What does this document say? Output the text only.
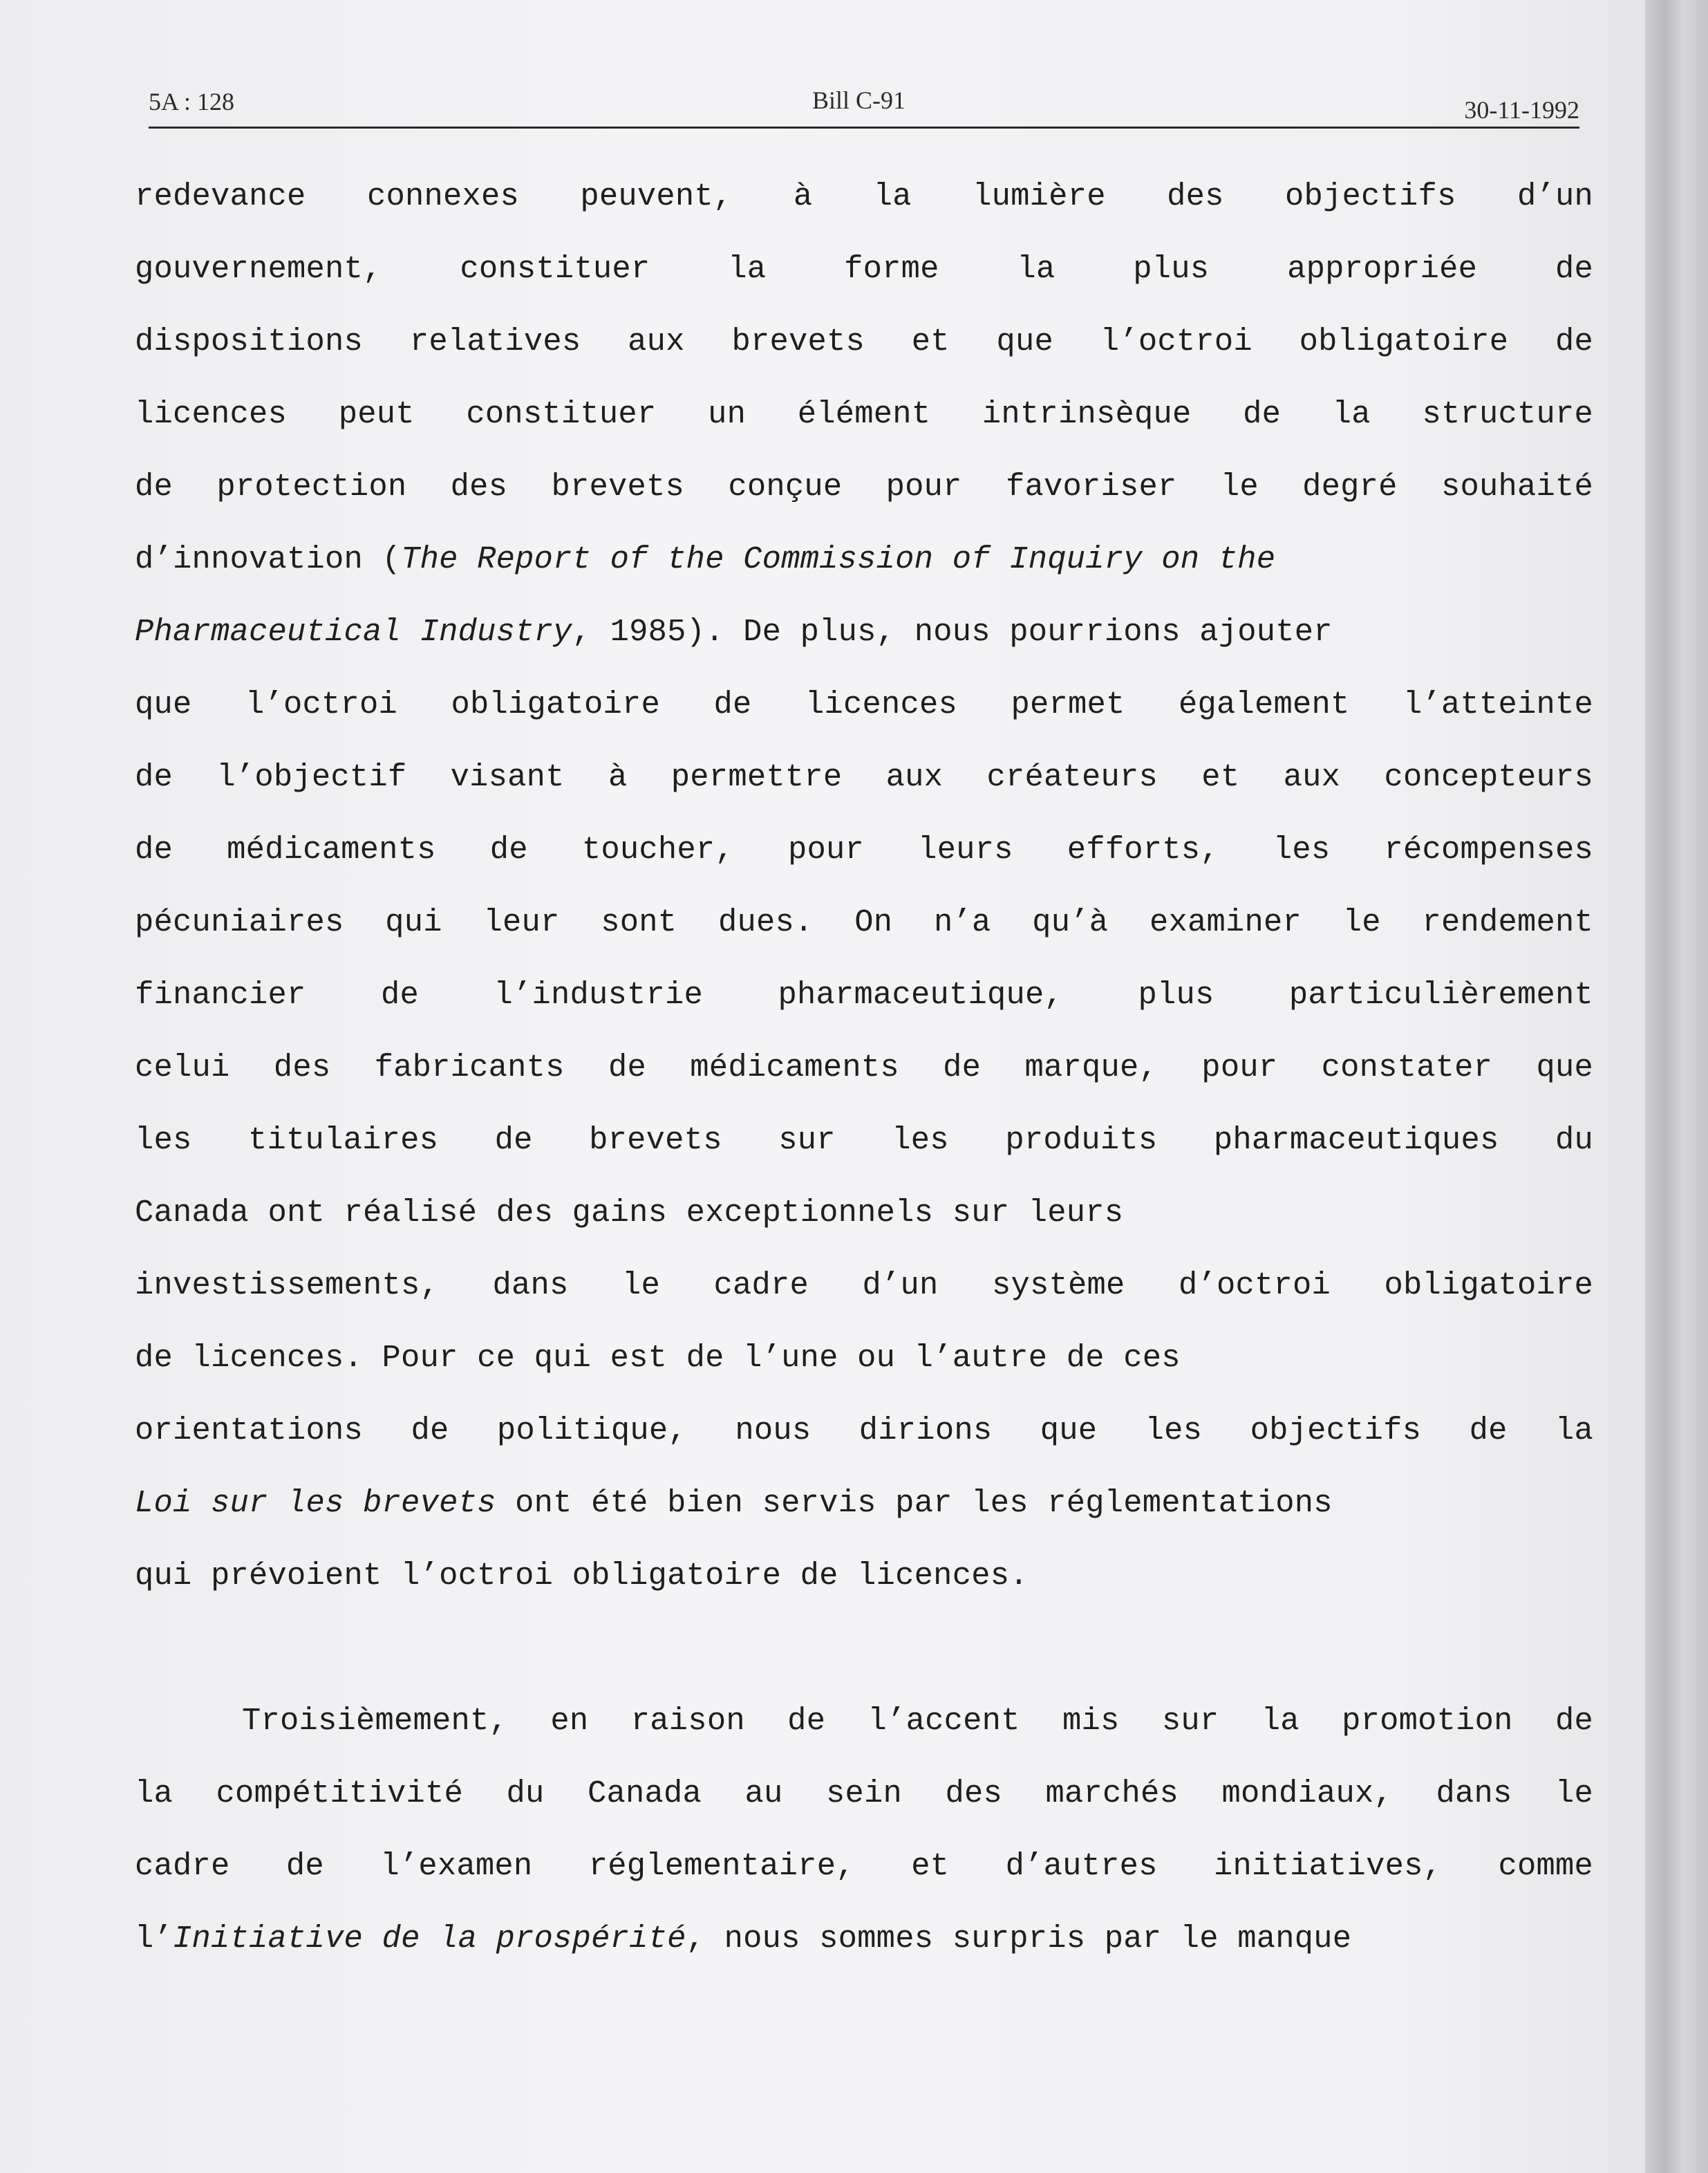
5A : 128	Bill C-91	30-11-1992
redevance connexes peuvent, à la lumière des objectifs d’un
gouvernement, constituer la forme la plus appropriée de
dispositions relatives aux brevets et que l’octroi obligatoire de
licences peut constituer un élément intrinsèque de la structure
de protection des brevets conçue pour favoriser le degré souhaité
d’innovation (The Report of the Commission of Inquiry on the
Pharmaceutical Industry, 1985). De plus, nous pourrions ajouter
que l’octroi obligatoire de licences permet également l’atteinte
de l’objectif visant à permettre aux créateurs et aux concepteurs
de médicaments de toucher, pour leurs efforts, les récompenses
pécuniaires qui leur sont dues. On n’a qu’à examiner le rendement
financier de l’industrie pharmaceutique, plus particulièrement
celui des fabricants de médicaments de marque, pour constater que
les titulaires de brevets sur les produits pharmaceutiques du
Canada ont réalisé des gains exceptionnels sur leurs
investissements, dans le cadre d’un système d’octroi obligatoire
de licences. Pour ce qui est de l’une ou l’autre de ces
orientations de politique, nous dirions que les objectifs de la
Loi sur les brevets ont été bien servis par les réglementations
qui prévoient l’octroi obligatoire de licences.
Troisièmement, en raison de l’accent mis sur la promotion de
la compétitivité du Canada au sein des marchés mondiaux, dans le
cadre de l’examen réglementaire, et d’autres initiatives, comme
l’Initiative de la prospérité, nous sommes surpris par le manque
